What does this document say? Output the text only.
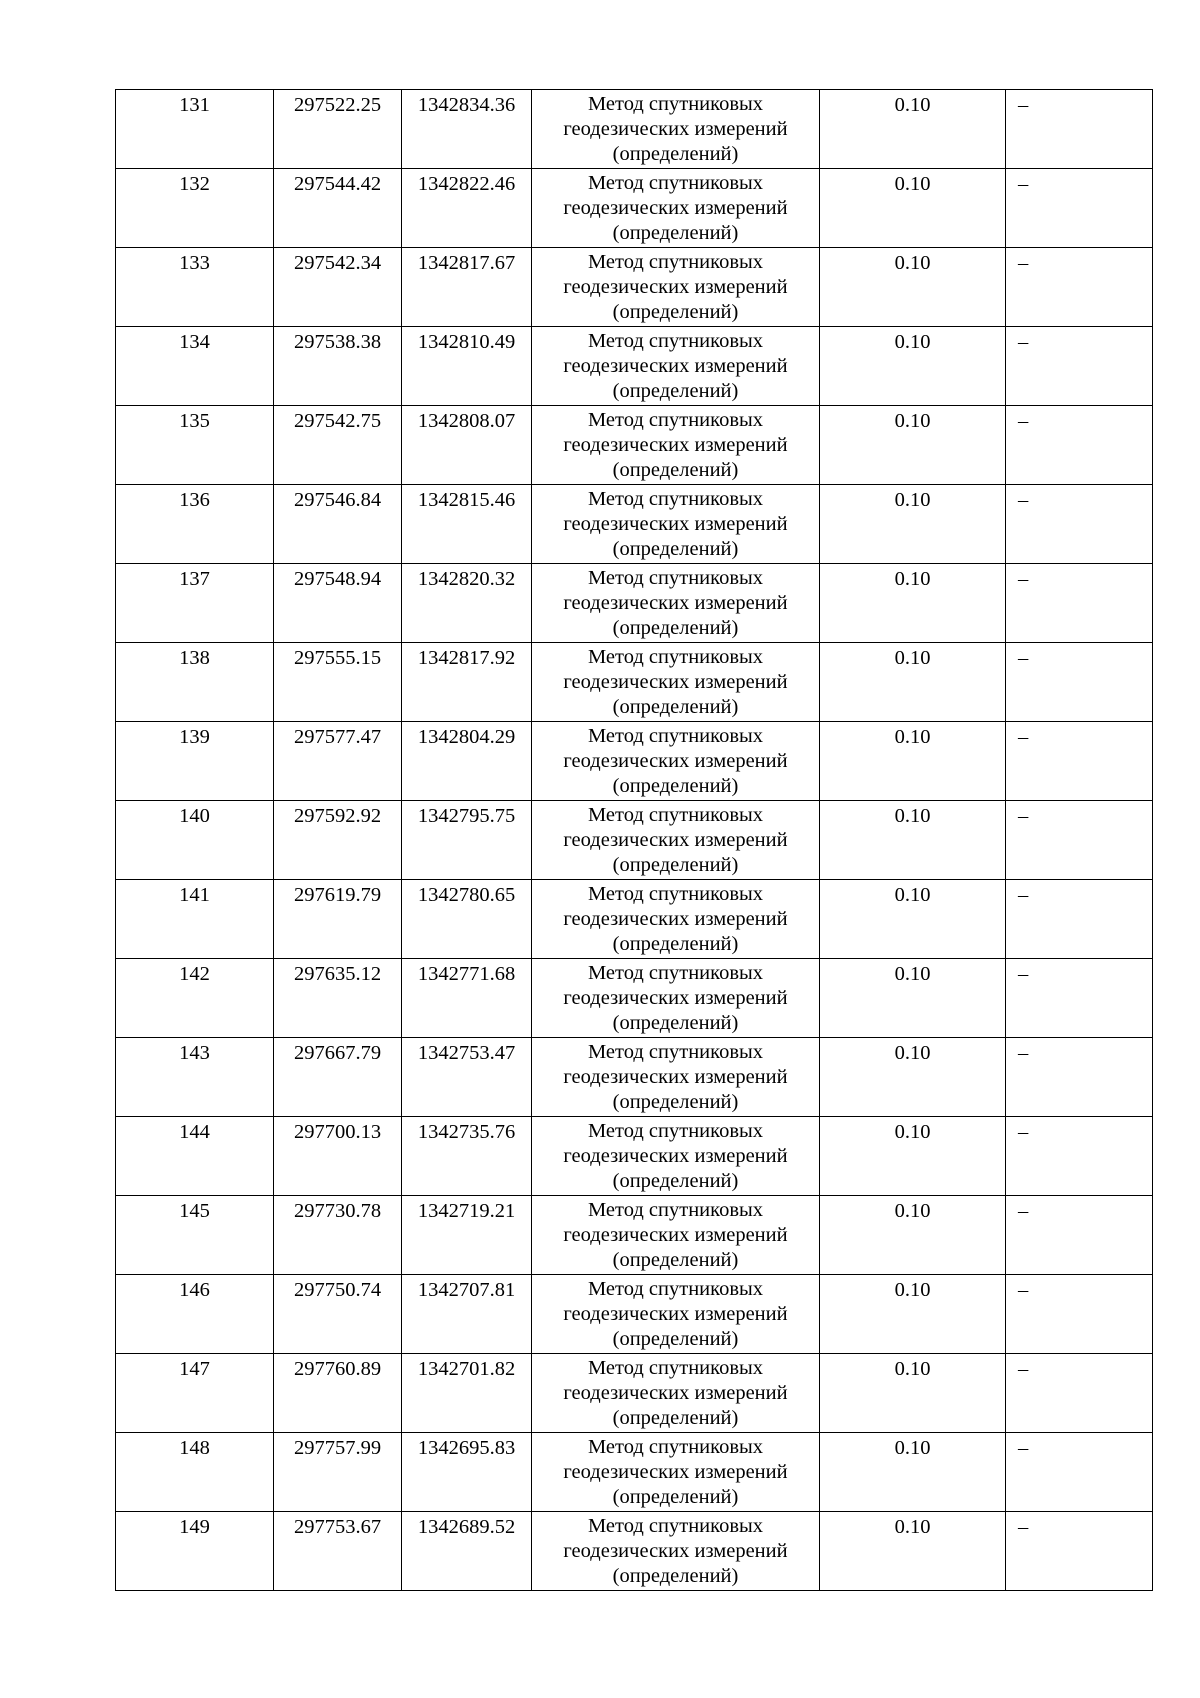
131	297522.25	1342834.36	Метод спутниковых геодезических измерений (определений)	0.10	–
132	297544.42	1342822.46	Метод спутниковых геодезических измерений (определений)	0.10	–
133	297542.34	1342817.67	Метод спутниковых геодезических измерений (определений)	0.10	–
134	297538.38	1342810.49	Метод спутниковых геодезических измерений (определений)	0.10	–
135	297542.75	1342808.07	Метод спутниковых геодезических измерений (определений)	0.10	–
136	297546.84	1342815.46	Метод спутниковых геодезических измерений (определений)	0.10	–
137	297548.94	1342820.32	Метод спутниковых геодезических измерений (определений)	0.10	–
138	297555.15	1342817.92	Метод спутниковых геодезических измерений (определений)	0.10	–
139	297577.47	1342804.29	Метод спутниковых геодезических измерений (определений)	0.10	–
140	297592.92	1342795.75	Метод спутниковых геодезических измерений (определений)	0.10	–
141	297619.79	1342780.65	Метод спутниковых геодезических измерений (определений)	0.10	–
142	297635.12	1342771.68	Метод спутниковых геодезических измерений (определений)	0.10	–
143	297667.79	1342753.47	Метод спутниковых геодезических измерений (определений)	0.10	–
144	297700.13	1342735.76	Метод спутниковых геодезических измерений (определений)	0.10	–
145	297730.78	1342719.21	Метод спутниковых геодезических измерений (определений)	0.10	–
146	297750.74	1342707.81	Метод спутниковых геодезических измерений (определений)	0.10	–
147	297760.89	1342701.82	Метод спутниковых геодезических измерений (определений)	0.10	–
148	297757.99	1342695.83	Метод спутниковых геодезических измерений (определений)	0.10	–
149	297753.67	1342689.52	Метод спутниковых геодезических измерений (определений)	0.10	–
